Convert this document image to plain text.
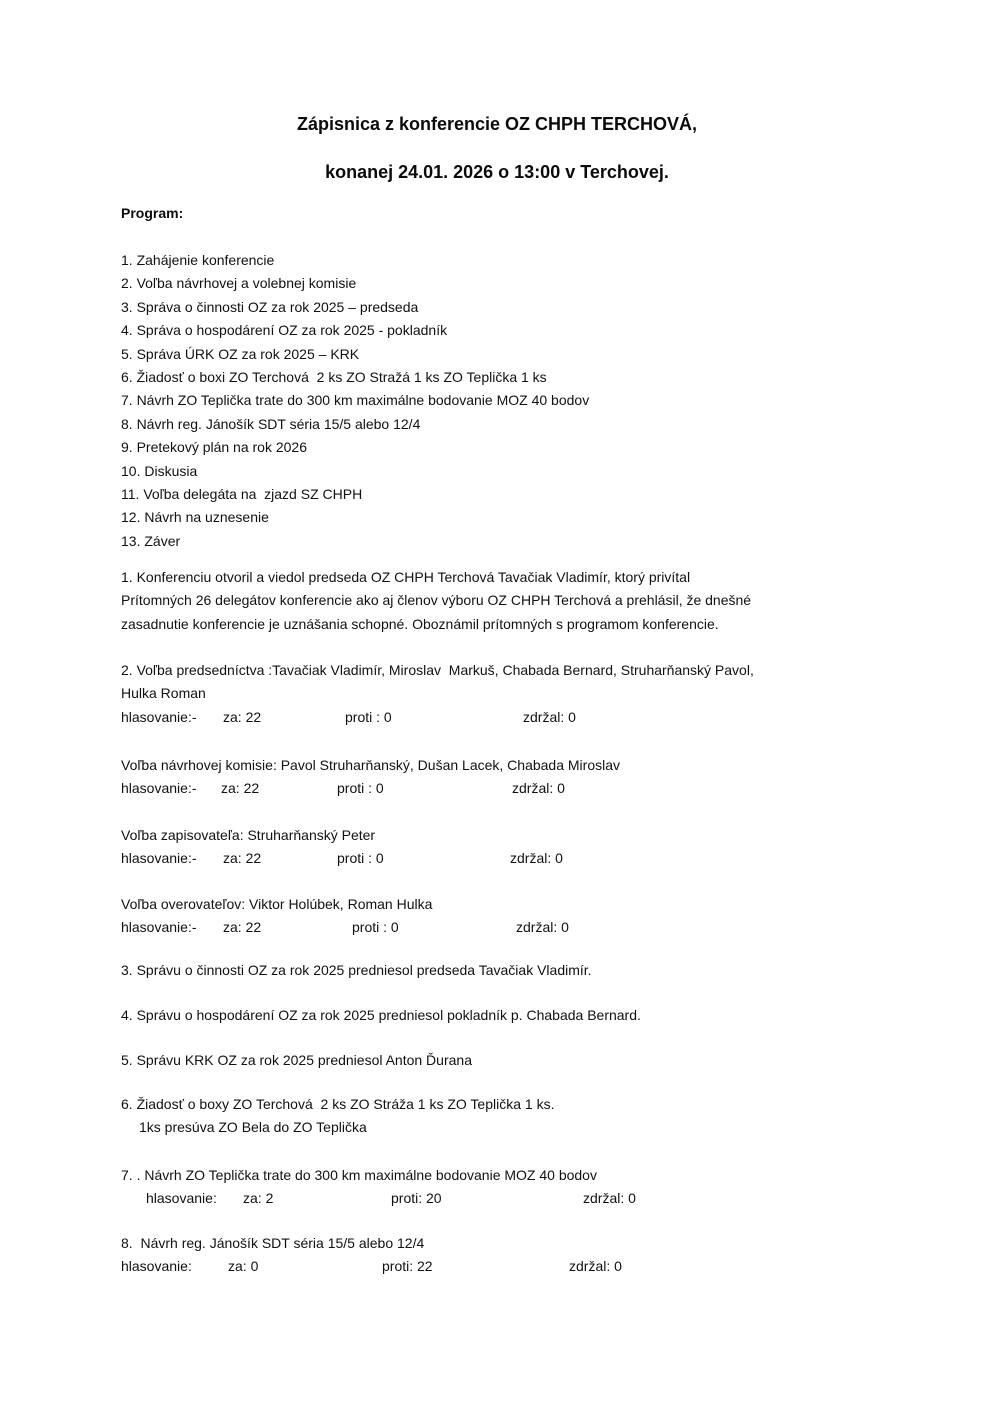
Zápisnica z konferencie OZ CHPH TERCHOVÁ,
konanej 24.01. 2026 o 13:00 v Terchovej.
Program:
1. Zahájenie konferencie
2. Voľba návrhovej a volebnej komisie
3. Správa o činnosti OZ za rok 2025 – predseda
4. Správa o hospodárení OZ za rok 2025 - pokladník
5. Správa ÚRK OZ za rok 2025 – KRK
6. Žiadosť o boxi ZO Terchová  2 ks ZO Stražá 1 ks ZO Teplička 1 ks
7. Návrh ZO Teplička trate do 300 km maximálne bodovanie MOZ 40 bodov
8. Návrh reg. Jánošík SDT séria 15/5 alebo 12/4
9. Pretekový plán na rok 2026
10. Diskusia
11. Voľba delegáta na  zjazd SZ CHPH
12. Návrh na uznesenie
13. Záver
1. Konferenciu otvoril a viedol predseda OZ CHPH Terchová Tavačiak Vladimír, ktorý privítal
Prítomných 26 delegátov konferencie ako aj členov výboru OZ CHPH Terchová a prehlásil, že dnešné
zasadnutie konferencie je uznášania schopné. Oboznámil prítomných s programom konferencie.
2. Voľba predsedníctva :Tavačiak Vladimír, Miroslav  Markuš, Chabada Bernard, Struharňanský Pavol,
Hulka Roman
hlasovanie:- za: 22	proti : 0	zdržal: 0
Voľba návrhovej komisie: Pavol Struharňanský, Dušan Lacek, Chabada Miroslav
hlasovanie:- za: 22	proti : 0	zdržal: 0
Voľba zapisovateľa: Struharňanský Peter
hlasovanie:- za: 22	proti : 0	zdržal: 0
Voľba overovateľov: Viktor Holúbek, Roman Hulka
hlasovanie:- za: 22	proti : 0	zdržal: 0
3. Správu o činnosti OZ za rok 2025 predniesol predseda Tavačiak Vladimír.
4. Správu o hospodárení OZ za rok 2025 predniesol pokladník p. Chabada Bernard.
5. Správu KRK OZ za rok 2025 predniesol Anton Ďurana
6. Žiadosť o boxy ZO Terchová  2 ks ZO Stráža 1 ks ZO Teplička 1 ks.
1ks presúva ZO Bela do ZO Teplička
7. . Návrh ZO Teplička trate do 300 km maximálne bodovanie MOZ 40 bodov
hlasovanie: za: 2	proti: 20	zdržal: 0
8.  Návrh reg. Jánošík SDT séria 15/5 alebo 12/4
hlasovanie:	za: 0	proti: 22	zdržal: 0
